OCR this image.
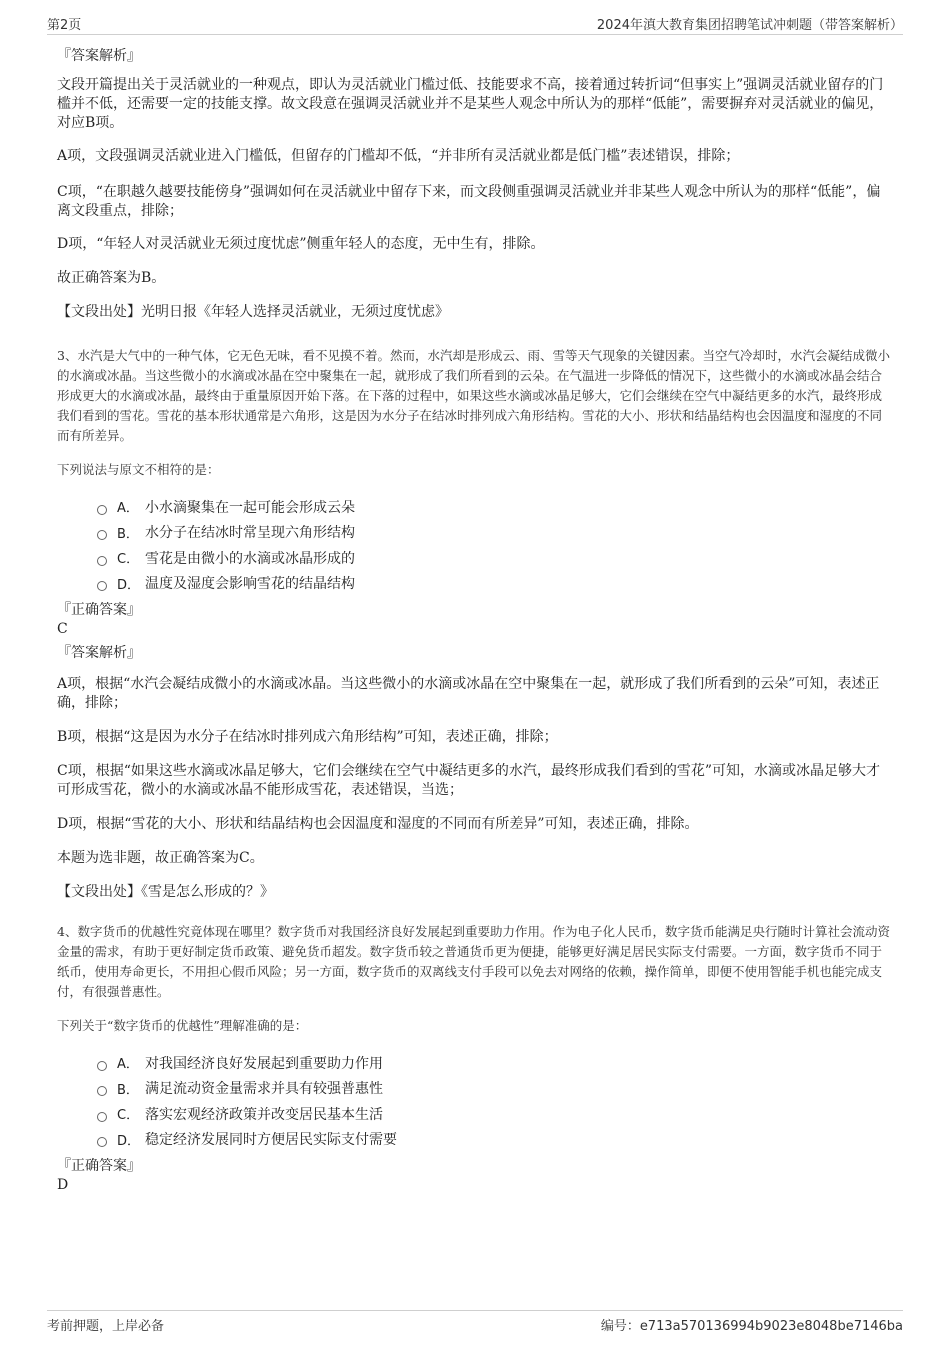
第2页	2024年滇大教育集团招聘笔试冲刺题（带答案解析）

『答案解析』

文段开篇提出关于灵活就业的一种观点，即认为灵活就业门槛过低、技能要求不高，接着通过转折词“但事实上”强调灵活就业留存的门槛并不低，还需要一定的技能支撑。故文段意在强调灵活就业并不是某些人观念中所认为的那样“低能”，需要摒弃对灵活就业的偏见，对应B项。

A项，文段强调灵活就业进入门槛低，但留存的门槛却不低，“并非所有灵活就业都是低门槛”表述错误，排除；

C项，“在职越久越要技能傍身”强调如何在灵活就业中留存下来，而文段侧重强调灵活就业并非某些人观念中所认为的那样“低能”，偏离文段重点，排除；

D项，“年轻人对灵活就业无须过度忧虑”侧重年轻人的态度，无中生有，排除。

故正确答案为B。

【文段出处】光明日报《年轻人选择灵活就业，无须过度忧虑》

3、水汽是大气中的一种气体，它无色无味，看不见摸不着。然而，水汽却是形成云、雨、雪等天气现象的关键因素。当空气冷却时，水汽会凝结成微小的水滴或冰晶。当这些微小的水滴或冰晶在空中聚集在一起，就形成了我们所看到的云朵。在气温进一步降低的情况下，这些微小的水滴或冰晶会结合形成更大的水滴或冰晶，最终由于重量原因开始下落。在下落的过程中，如果这些水滴或冰晶足够大，它们会继续在空气中凝结更多的水汽，最终形成我们看到的雪花。雪花的基本形状通常是六角形，这是因为水分子在结冰时排列成六角形结构。雪花的大小、形状和结晶结构也会因温度和湿度的不同而有所差异。

下列说法与原文不相符的是：

A． 小水滴聚集在一起可能会形成云朵
B． 水分子在结冰时常呈现六角形结构
C． 雪花是由微小的水滴或冰晶形成的
D． 温度及湿度会影响雪花的结晶结构

『正确答案』

C

『答案解析』

A项，根据“水汽会凝结成微小的水滴或冰晶。当这些微小的水滴或冰晶在空中聚集在一起，就形成了我们所看到的云朵”可知，表述正确，排除；

B项，根据“这是因为水分子在结冰时排列成六角形结构”可知，表述正确，排除；

C项，根据“如果这些水滴或冰晶足够大，它们会继续在空气中凝结更多的水汽，最终形成我们看到的雪花”可知，水滴或冰晶足够大才可形成雪花，微小的水滴或冰晶不能形成雪花，表述错误，当选；

D项，根据“雪花的大小、形状和结晶结构也会因温度和湿度的不同而有所差异”可知，表述正确，排除。

本题为选非题，故正确答案为C。

【文段出处】《雪是怎么形成的？》

4、数字货币的优越性究竟体现在哪里？数字货币对我国经济良好发展起到重要助力作用。作为电子化人民币，数字货币能满足央行随时计算社会流动资金量的需求，有助于更好制定货币政策、避免货币超发。数字货币较之普通货币更为便捷，能够更好满足居民实际支付需要。一方面，数字货币不同于纸币，使用寿命更长，不用担心假币风险；另一方面，数字货币的双离线支付手段可以免去对网络的依赖，操作简单，即便不使用智能手机也能完成支付，有很强普惠性。

下列关于“数字货币的优越性”理解准确的是：

A． 对我国经济良好发展起到重要助力作用
B． 满足流动资金量需求并具有较强普惠性
C． 落实宏观经济政策并改变居民基本生活
D． 稳定经济发展同时方便居民实际支付需要

『正确答案』

D

考前押题，上岸必备	编号：e713a570136994b9023e8048be7146ba
